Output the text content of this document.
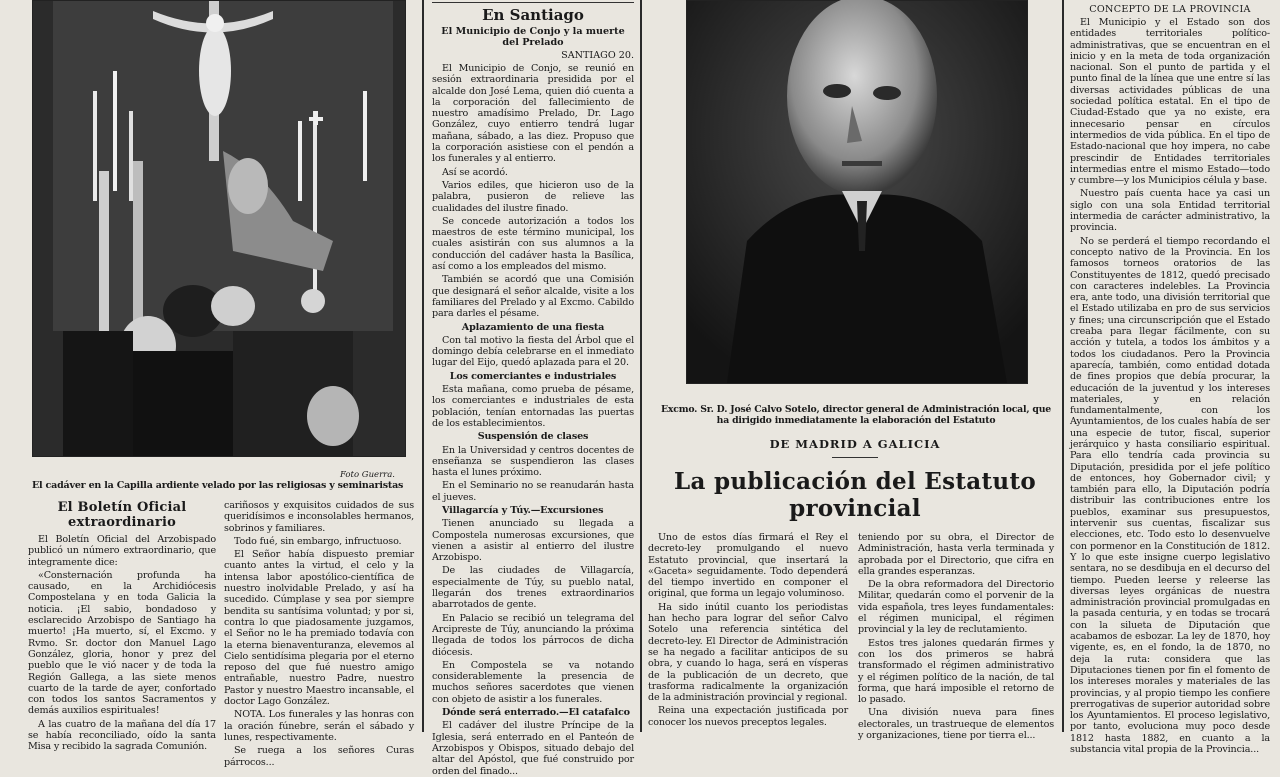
Foto Guerra.
El cadáver en la Capilla ardiente velado por las religiosas y seminaristas
El Boletín Oficial extraordinario

El Boletín Oficial del Arzobispado publicó un número extraordinario, que integramente dice:

«Consternación profunda ha causado, en la Archidiócesis Compostelana y en toda Galicia la noticia. ¡El sabio, bondadoso y esclarecido Arzobispo de Santiago ha muerto! ¡Ha muerto, sí, el Excmo. y Rvmo. Sr. doctor don Manuel Lago González, gloria, honor y prez del pueblo que le vió nacer y de toda la Región Gallega, a las siete menos cuarto de la tarde de ayer, confortado con todos los santos Sacramentos y demás auxilios espirituales!

A las cuatro de la mañana del día 17 se había reconciliado, oído la santa Misa y recibido la sagrada Comunión.

cariñosos y exquisitos cuidados de sus queridísimos e inconsolables hermanos, sobrinos y familiares.

Todo fué, sin embargo, infructuoso.

El Señor había dispuesto premiar cuanto antes la virtud, el celo y la intensa labor apostólico-científica de nuestro inolvidable Prelado, y así ha sucedido. Cúmplase y sea por siempre bendita su santísima voluntad; y por si, contra lo que piadosamente juzgamos, el Señor no le ha premiado todavía con la eterna bienaventuranza, elevemos al Cielo sentidísima plegaria por el eterno reposo del que fué nuestro amigo entrañable, nuestro Padre, nuestro Pastor y nuestro Maestro incansable, el doctor Lago González.

NOTA. Los funerales y las honras con la oración fúnebre, serán el sábado y lunes, respectivamente.

Se ruega a los señores Curas párrocos...

En Santiago
El Municipio de Conjo y la muerte del Prelado
SANTIAGO 20.

El Municipio de Conjo, se reunió en sesión extraordinaria presidida por el alcalde don José Lema, quien dió cuenta a la corporación del fallecimiento de nuestro amadísimo Prelado, Dr. Lago González, cuyo entierro tendrá lugar mañana, sábado, a las diez. Propuso que la corporación asistiese con el pendón a los funerales y al entierro.

Así se acordó.

Varios ediles, que hicieron uso de la palabra, pusieron de relieve las cualidades del ilustre finado.

Se concede autorización a todos los maestros de este término municipal, los cuales asistirán con sus alumnos a la conducción del cadáver hasta la Basílica, así como a los empleados del mismo.

También se acordó que una Comisión que designará el señor alcalde, visite a los familiares del Prelado y al Excmo. Cabildo para darles el pésame.

Aplazamiento de una fiesta

Con tal motivo la fiesta del Árbol que el domingo debía celebrarse en el inmediato lugar del Eijo, quedó aplazada para el 20.

Los comerciantes e industriales

Esta mañana, como prueba de pésame, los comerciantes e industriales de esta población, tenían entornadas las puertas de los establecimientos.

Suspensión de clases

En la Universidad y centros docentes de enseñanza se suspendieron las clases hasta el lunes próximo.

En el Seminario no se reanudarán hasta el jueves.

Villagarcía y Túy.—Excursiones

Tienen anunciado su llegada a Compostela numerosas excursiones, que vienen a asistir al entierro del ilustre Arzobispo.

De las ciudades de Villagarcía, especialmente de Túy, su pueblo natal, llegarán dos trenes extraordinarios abarrotados de gente.

En Palacio se recibió un telegrama del Arcipreste de Túy, anunciando la próxima llegada de todos los párrocos de dicha diócesis.

En Compostela se va notando considerablemente la presencia de muchos señores sacerdotes que vienen con objeto de asistir a los funerales.

Dónde será enterrado.—El catafalco

El cadáver del ilustre Príncipe de la Iglesia, será enterrado en el Panteón de Arzobispos y Obispos, situado debajo del altar del Apóstol, que fué construido por orden del finado...

Excmo. Sr. D. José Calvo Sotelo, director general de Administración local, que ha dirigido inmediatamente la elaboración del Estatuto
DE MADRID A GALICIA
La publicación del Estatuto provincial

Uno de estos días firmará el Rey el decreto-ley promulgando el nuevo Estatuto provincial, que insertará la «Gaceta» seguidamente. Todo dependerá del tiempo invertido en componer el original, que forma un legajo voluminoso.

Ha sido inútil cuanto los periodistas han hecho para lograr del señor Calvo Sotelo una referencia sintética del decreto-ley. El Director de Administración se ha negado a facilitar anticipos de su obra, y cuando lo haga, será en vísperas de la publicación de un decreto, que trasforma radicalmente la organización de la administración provincial y regional.

Reina una expectación justificada por conocer los nuevos preceptos legales.

teniendo por su obra, el Director de Administración, hasta verla terminada y aprobada por el Directorio, que cifra en ella grandes esperanzas.

De la obra reformadora del Directorio Militar, quedarán como el porvenir de la vida española, tres leyes fundamentales: el régimen municipal, el régimen provincial y la ley de reclutamiento.

Estos tres jalones quedarán firmes y con los dos primeros se habrá transformado el régimen administrativo y el régimen político de la nación, de tal forma, que hará imposible el retorno de lo pasado.

Una división nueva para fines electorales, un trastrueque de elementos y organizaciones, tiene por tierra el...

CONCEPTO DE LA PROVINCIA

El Municipio y el Estado son dos entidades territoriales político-administrativas, que se encuentran en el inicio y en la meta de toda organización nacional. Son el punto de partida y el punto final de la línea que une entre sí las diversas actividades públicas de una sociedad política estatal. En el tipo de Ciudad-Estado que ya no existe, era innecesario pensar en círculos intermedios de vida pública. En el tipo de Estado-nacional que hoy impera, no cabe prescindir de Entidades territoriales intermedias entre el mismo Estado—todo y cumbre—y los Municipios célula y base.

Nuestro país cuenta hace ya casi un siglo con una sola Entidad territorial intermedia de carácter administrativo, la provincia.

No se perderá el tiempo recordando el concepto nativo de la Provincia. En los famosos torneos oratorios de las Constituyentes de 1812, quedó precisado con caracteres indelebles. La Provincia era, ante todo, una división territorial que el Estado utilizaba en pro de sus servicios y fines; una circunscripción que el Estado creaba para llegar fácilmente, con su acción y tutela, a todos los ámbitos y a todos los ciudadanos. Pero la Provincia aparecía, también, como entidad dotada de fines propios que debía procurar, la educación de la juventud y los intereses materiales, y en relación fundamentalmente, con los Ayuntamientos, de los cuales había de ser una especie de tutor, fiscal, superior jerárquico y hasta consiliario espiritual. Para ello tendría cada provincia su Diputación, presidida por el jefe político de entonces, hoy Gobernador civil; y también para ello, la Diputación podría distribuir las contribuciones entre los pueblos, examinar sus presupuestos, intervenir sus cuentas, fiscalizar sus elecciones, etc. Todo esto lo desenvuelve con pormenor en la Constitución de 1812. Y lo que este insigne cuerpo legislativo sentara, no se desdibuja en el decurso del tiempo. Pueden leerse y releerse las diversas leyes orgánicas de nuestra administración provincial promulgadas en la pasada centuria, y en todas se trocará con la silueta de Diputación que acabamos de esbozar. La ley de 1870, hoy vigente, es, en el fondo, la de 1870, no deja la ruta: considera que las Diputaciones tienen por fin el fomento de los intereses morales y materiales de las provincias, y al propio tiempo les confiere prerrogativas de superior autoridad sobre los Ayuntamientos. El proceso legislativo, por tanto, evoluciona muy poco desde 1812 hasta 1882, en cuanto a la substancia vital propia de la Provincia...
